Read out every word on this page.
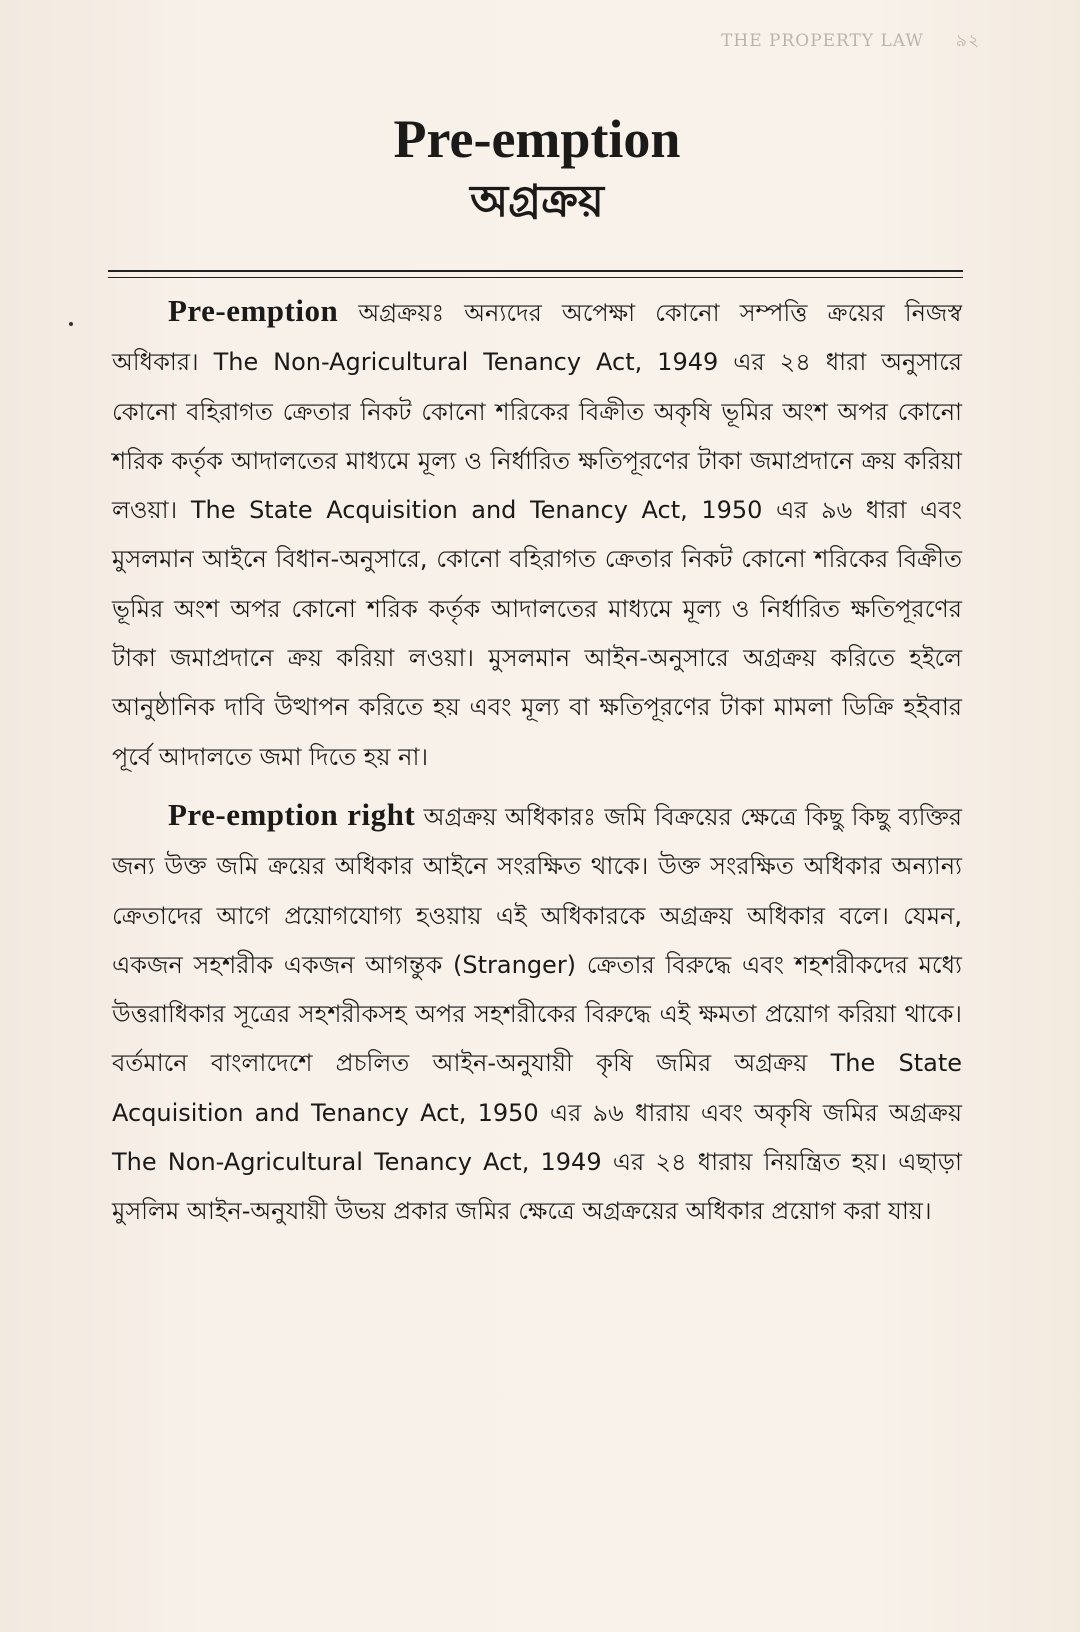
THE PROPERTY LAW ৯২
Pre-emption
অগ্রক্রয়

Pre-emption অগ্রক্রয়ঃ অন্যদের অপেক্ষা কোনো সম্পত্তি ক্রয়ের নিজস্ব অধিকার। The Non-Agricultural Tenancy Act, 1949 এর ২৪ ধারা অনুসারে কোনো বহিরাগত ক্রেতার নিকট কোনো শরিকের বিক্রীত অকৃষি ভূমির অংশ অপর কোনো শরিক কর্তৃক আদালতের মাধ্যমে মূল্য ও নির্ধারিত ক্ষতিপূরণের টাকা জমাপ্রদানে ক্রয় করিয়া লওয়া। The State Acquisition and Tenancy Act, 1950 এর ৯৬ ধারা এবং মুসলমান আইনে বিধান-অনুসারে, কোনো বহিরাগত ক্রেতার নিকট কোনো শরিকের বিক্রীত ভূমির অংশ অপর কোনো শরিক কর্তৃক আদালতের মাধ্যমে মূল্য ও নির্ধারিত ক্ষতিপূরণের টাকা জমাপ্রদানে ক্রয় করিয়া লওয়া। মুসলমান আইন-অনুসারে অগ্রক্রয় করিতে হইলে আনুষ্ঠানিক দাবি উত্থাপন করিতে হয় এবং মূল্য বা ক্ষতিপূরণের টাকা মামলা ডিক্রি হইবার পূর্বে আদালতে জমা দিতে হয় না।

Pre-emption right অগ্রক্রয় অধিকারঃ জমি বিক্রয়ের ক্ষেত্রে কিছু কিছু ব্যক্তির জন্য উক্ত জমি ক্রয়ের অধিকার আইনে সংরক্ষিত থাকে। উক্ত সংরক্ষিত অধিকার অন্যান্য ক্রেতাদের আগে প্রয়োগযোগ্য হওয়ায় এই অধিকারকে অগ্রক্রয় অধিকার বলে। যেমন, একজন সহশরীক একজন আগন্তুক (Stranger) ক্রেতার বিরুদ্ধে এবং শহশরীকদের মধ্যে উত্তরাধিকার সূত্রের সহশরীকসহ অপর সহশরীকের বিরুদ্ধে এই ক্ষমতা প্রয়োগ করিয়া থাকে। বর্তমানে বাংলাদেশে প্রচলিত আইন-অনুযায়ী কৃষি জমির অগ্রক্রয় The State Acquisition and Tenancy Act, 1950 এর ৯৬ ধারায় এবং অকৃষি জমির অগ্রক্রয় The Non-Agricultural Tenancy Act, 1949 এর ২৪ ধারায় নিয়ন্ত্রিত হয়। এছাড়া মুসলিম আইন-অনুযায়ী উভয় প্রকার জমির ক্ষেত্রে অগ্রক্রয়ের অধিকার প্রয়োগ করা যায়।
